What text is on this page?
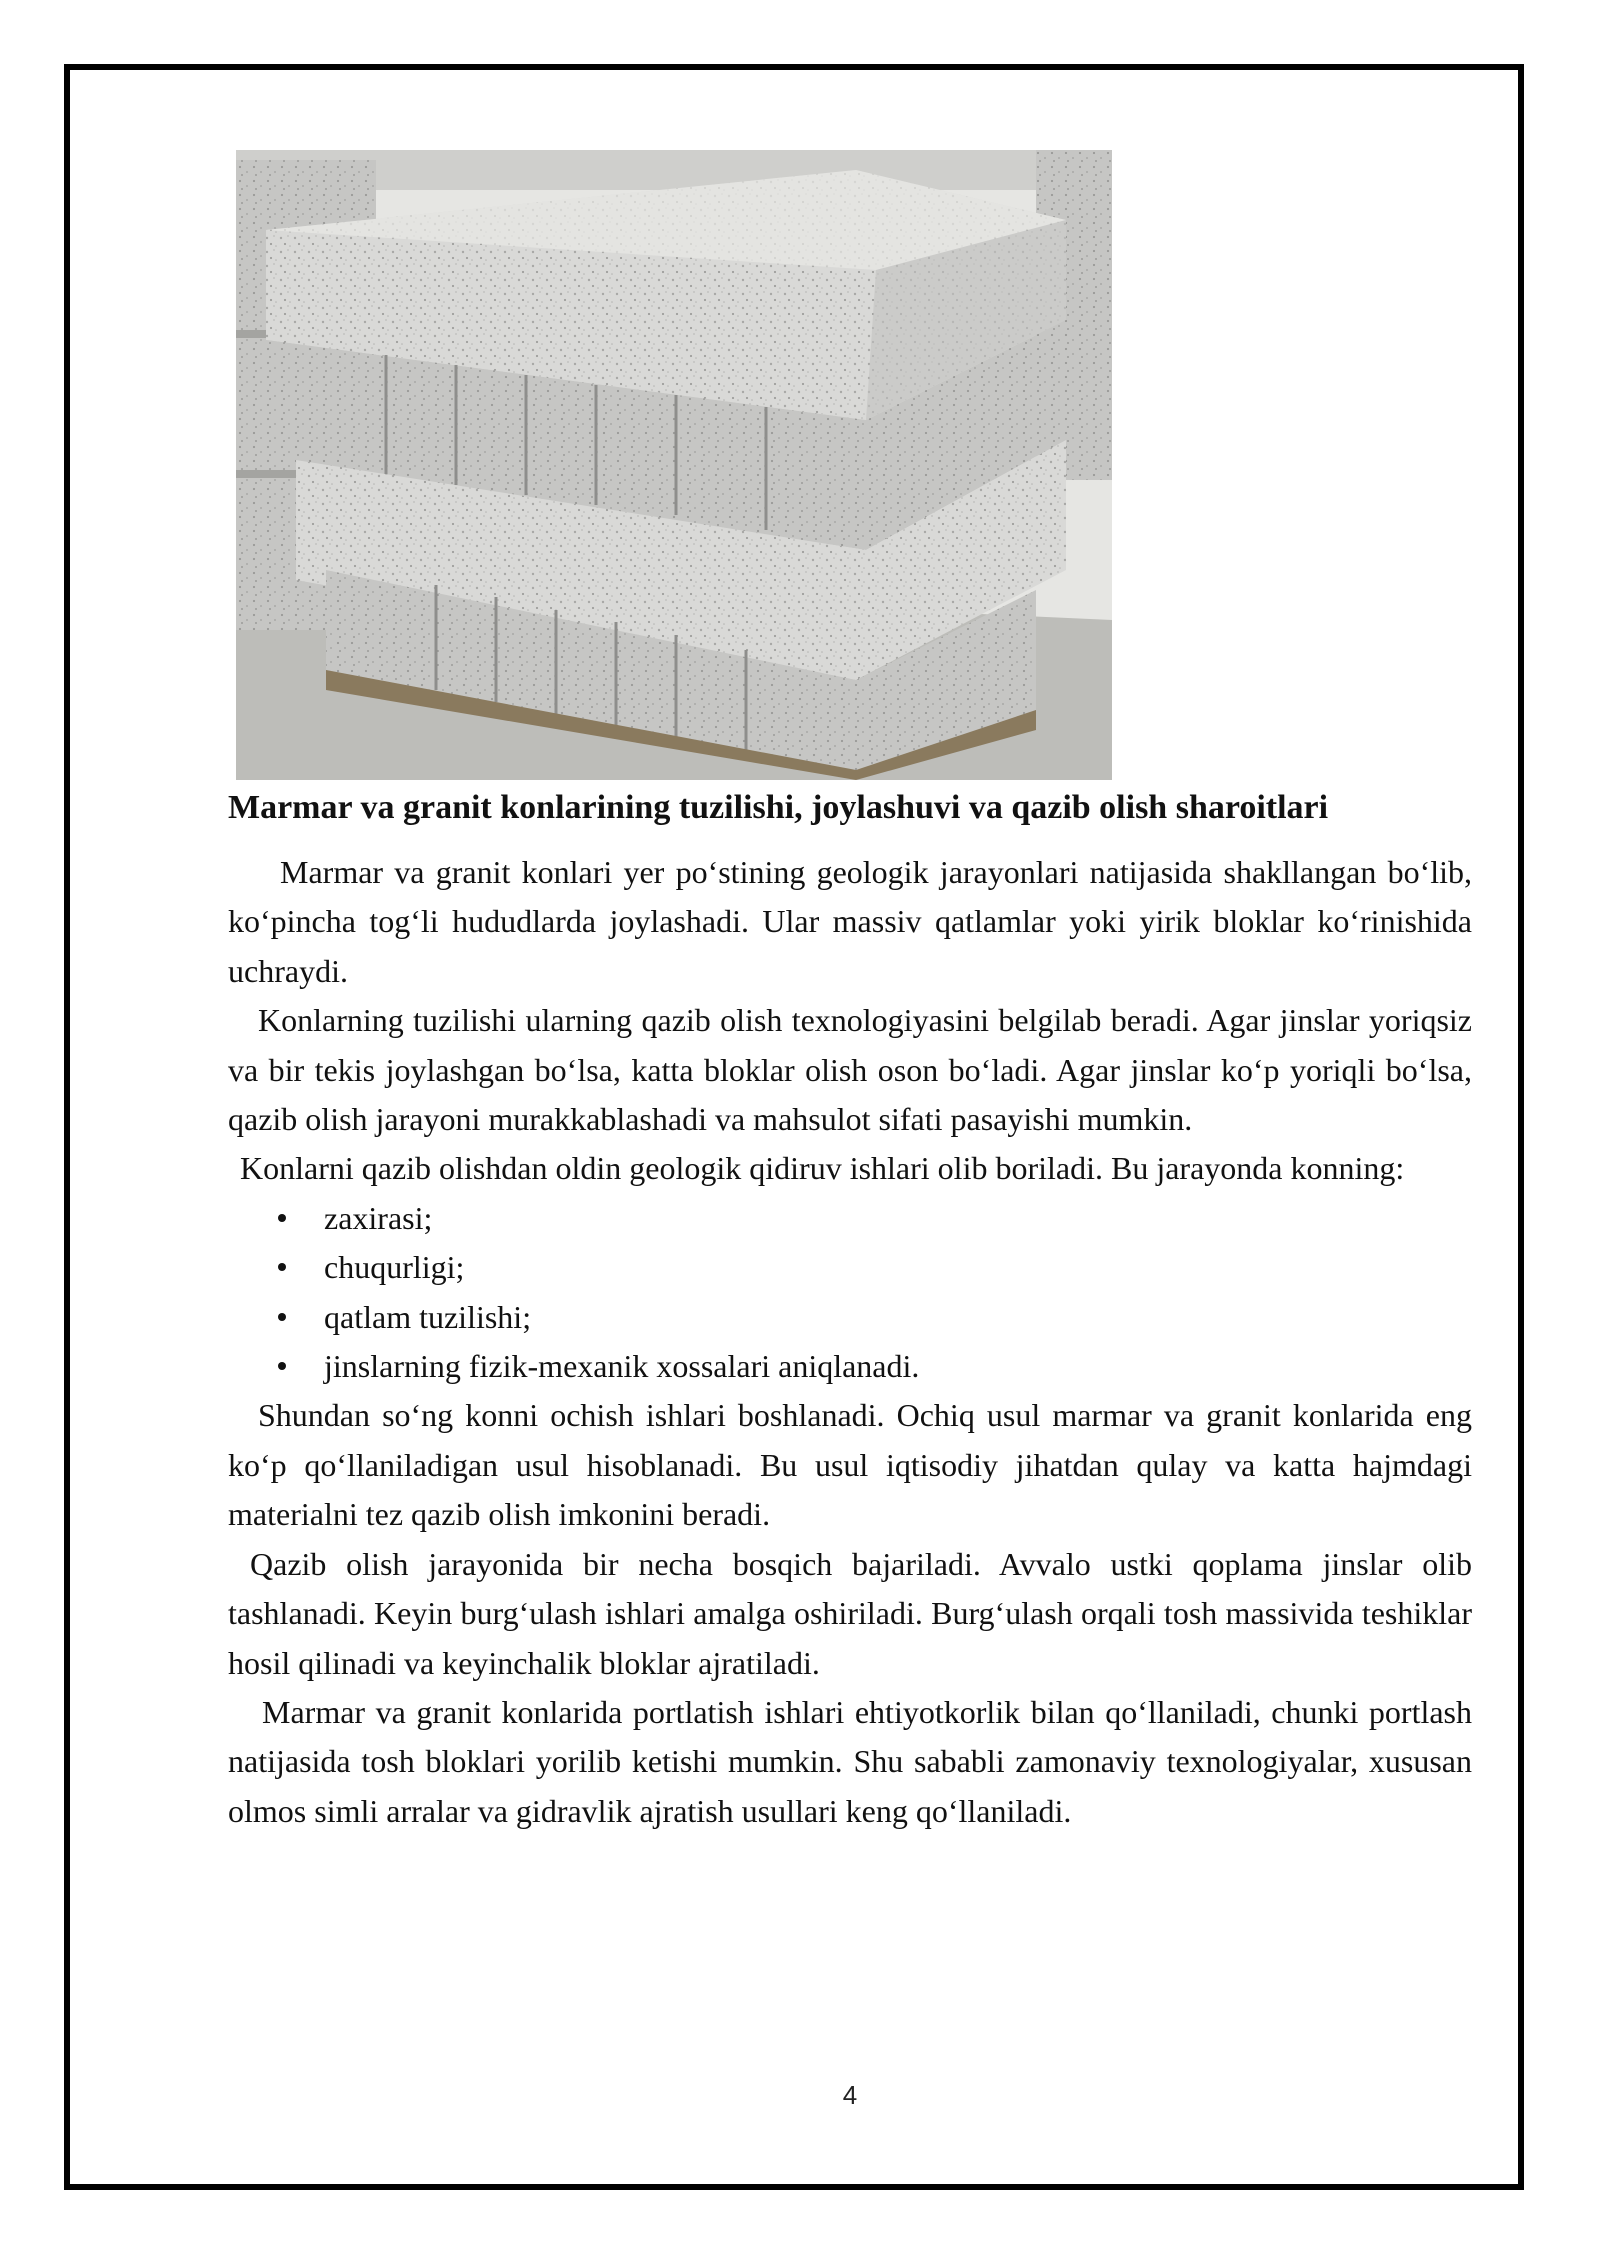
Marmar va granit konlarining tuzilishi, joylashuvi va qazib olish sharoitlari

Marmar va granit konlari yer po‘stining geologik jarayonlari natijasida shakllangan bo‘lib, ko‘pincha tog‘li hududlarda joylashadi. Ular massiv qatlamlar yoki yirik bloklar ko‘rinishida uchraydi.

Konlarning tuzilishi ularning qazib olish texnologiyasini belgilab beradi. Agar jinslar yoriqsiz va bir tekis joylashgan bo‘lsa, katta bloklar olish oson bo‘ladi. Agar jinslar ko‘p yoriqli bo‘lsa, qazib olish jarayoni murakkablashadi va mahsulot sifati pasayishi mumkin.

Konlarni qazib olishdan oldin geologik qidiruv ishlari olib boriladi. Bu jarayonda konning:

zaxirasi;
chuqurligi;
qatlam tuzilishi;
jinslarning fizik-mexanik xossalari aniqlanadi.

Shundan so‘ng konni ochish ishlari boshlanadi. Ochiq usul marmar va granit konlarida eng ko‘p qo‘llaniladigan usul hisoblanadi. Bu usul iqtisodiy jihatdan qulay va katta hajmdagi materialni tez qazib olish imkonini beradi.

Qazib olish jarayonida bir necha bosqich bajariladi. Avvalo ustki qoplama jinslar olib tashlanadi. Keyin burg‘ulash ishlari amalga oshiriladi. Burg‘ulash orqali tosh massivida teshiklar hosil qilinadi va keyinchalik bloklar ajratiladi.

Marmar va granit konlarida portlatish ishlari ehtiyotkorlik bilan qo‘llaniladi, chunki portlash natijasida tosh bloklari yorilib ketishi mumkin. Shu sababli zamonaviy texnologiyalar, xususan olmos simli arralar va gidravlik ajratish usullari keng qo‘llaniladi.

4
